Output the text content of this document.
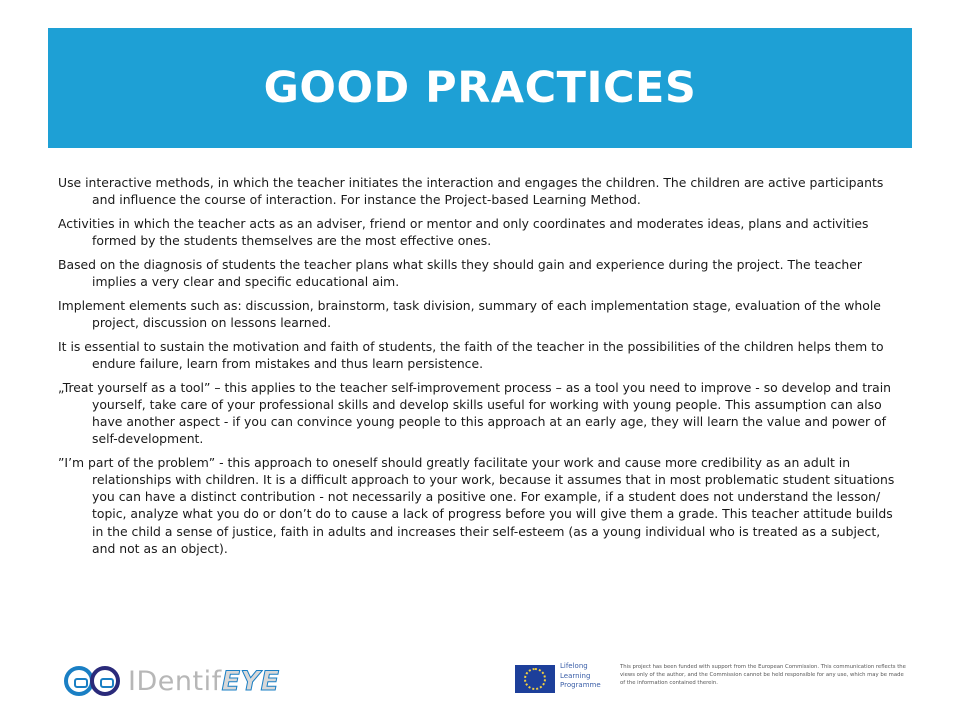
GOOD PRACTICES

Use interactive methods, in which the teacher initiates the interaction and engages the children. The children are active participants and influence the course of interaction. For instance the Project-based Learning Method.

Activities in which the teacher acts as an adviser, friend or mentor and only coordinates and moderates ideas, plans and activities formed by the students themselves are the most effective ones.

Based on the diagnosis of students the teacher plans what skills they should gain and experience during the project. The teacher implies a very clear and specific educational aim.

Implement elements such as: discussion, brainstorm, task division, summary of each implementation stage, evaluation of the whole project, discussion on lessons learned.

It is essential to sustain the motivation and faith of students, the faith of the teacher in the possibilities of the children helps them to endure failure, learn from mistakes and thus learn persistence.

„Treat yourself as a tool” – this applies to the teacher self-improvement process – as a tool you need to improve - so develop and train yourself, take care of your professional skills and develop skills useful for working with young people. This assumption can also have another aspect - if you can convince young people to this approach at an early age, they will learn the value and power of self-development.

”I’m part of the problem” - this approach to oneself should greatly facilitate your work and cause more credibility as an adult in relationships with children. It is a difficult approach to your work, because it assumes that in most problematic student situations you can have a distinct contribution - not necessarily a positive one. For example, if a student does not understand the lesson/ topic, analyze what you do or don’t do to cause a lack of progress before you will give them a grade. This teacher attitude builds in the child a sense of justice, faith in adults and increases their self-esteem (as a young individual who is treated as a subject, and not as an object).

IDentifEYE	Lifelong
Learning
Programme
This project has been funded with support from the European Commission. This communication reflects the views only of the author, and the Commission cannot be held responsible for any use, which may be made of the information contained therein.
